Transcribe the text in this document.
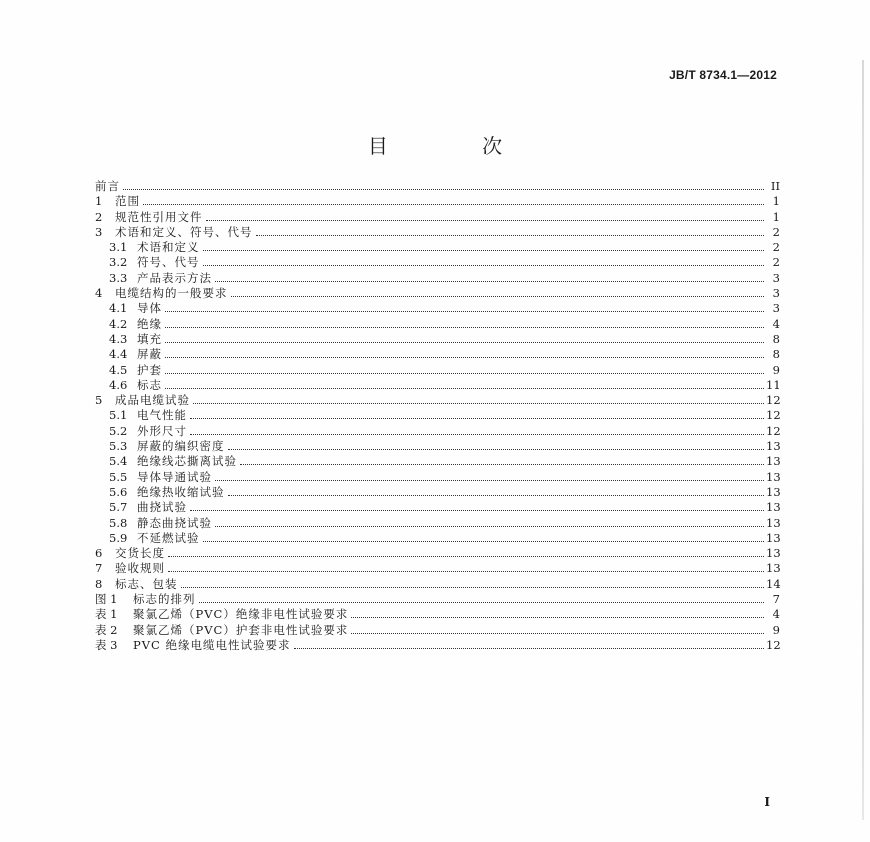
JB/T 8734.1—2012
目 次
前言	II
1	范围	1
2	规范性引用文件	1
3	术语和定义、符号、代号	2
3.1 术语和定义	2
3.2 符号、代号	2
3.3 产品表示方法	3
4	电缆结构的一般要求	3
4.1 导体	3
4.2 绝缘	4
4.3 填充	8
4.4 屏蔽	8
4.5 护套	9
4.6 标志	11
5	成品电缆试验	12
5.1 电气性能	12
5.2 外形尺寸	12
5.3 屏蔽的编织密度	13
5.4 绝缘线芯撕离试验	13
5.5 导体导通试验	13
5.6 绝缘热收缩试验	13
5.7 曲挠试验	13
5.8 静态曲挠试验	13
5.9 不延燃试验	13
6	交货长度	13
7	验收规则	13
8	标志、包装	14
图 1	标志的排列	7
表 1	聚氯乙烯（PVC）绝缘非电性试验要求	4
表 2	聚氯乙烯（PVC）护套非电性试验要求	9
表 3	PVC 绝缘电缆电性试验要求	12
I
